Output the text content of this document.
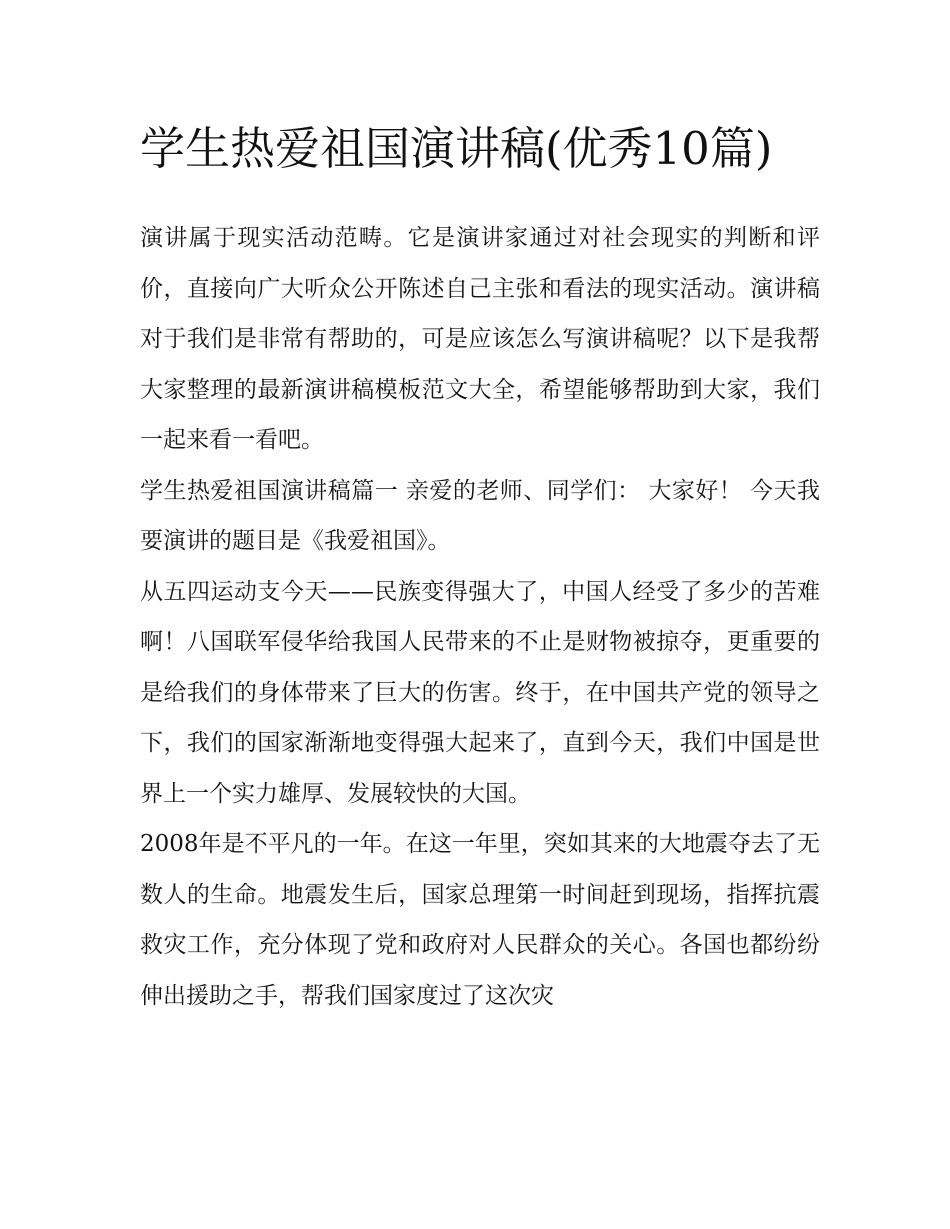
学生热爱祖国演讲稿(优秀10篇)

演讲属于现实活动范畴。它是演讲家通过对社会现实的判断和评价，直接向广大听众公开陈述自己主张和看法的现实活动。演讲稿对于我们是非常有帮助的，可是应该怎么写演讲稿呢？以下是我帮大家整理的最新演讲稿模板范文大全，希望能够帮助到大家，我们一起来看一看吧。

学生热爱祖国演讲稿篇一 亲爱的老师、同学们： 大家好！ 今天我要演讲的题目是《我爱祖国》。

从五四运动支今天——民族变得强大了，中国人经受了多少的苦难啊！八国联军侵华给我国人民带来的不止是财物被掠夺，更重要的是给我们的身体带来了巨大的伤害。终于，在中国共产党的领导之下，我们的国家渐渐地变得强大起来了，直到今天，我们中国是世界上一个实力雄厚、发展较快的大国。

2008年是不平凡的一年。在这一年里，突如其来的大地震夺去了无数人的生命。地震发生后，国家总理第一时间赶到现场，指挥抗震救灾工作，充分体现了党和政府对人民群众的关心。各国也都纷纷伸出援助之手，帮我们国家度过了这次灾
